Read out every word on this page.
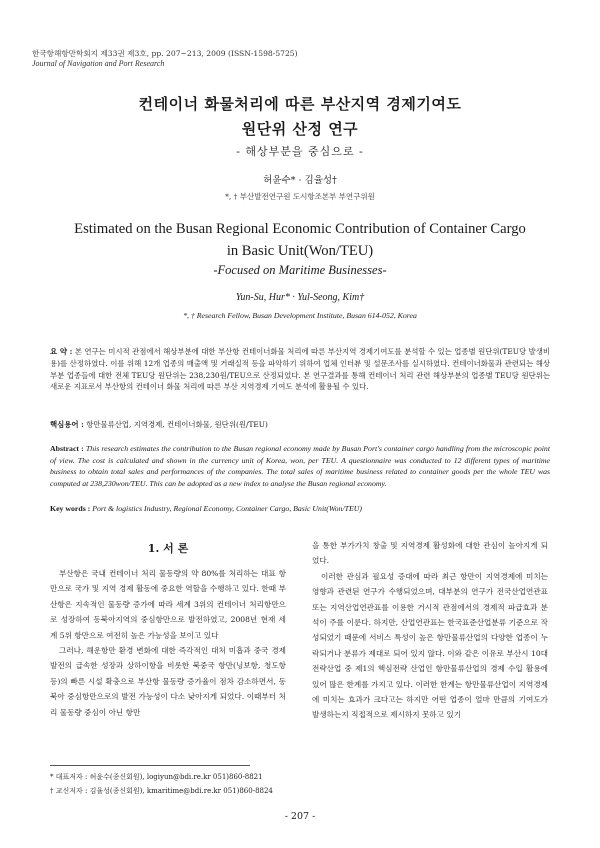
한국항해항만학회지 제33권 제3호, pp. 207~213, 2009 (ISSN-1598-5725)
Journal of Navigation and Port Research
컨테이너 화물처리에 따른 부산지역 경제기여도
원단위 산정 연구
- 해상부분을 중심으로 -
허윤수* · 김율성†
*, † 부산발전연구원 도시항조본부 부연구위원
Estimated on the Busan Regional Economic Contribution of Container Cargo
in Basic Unit(Won/TEU)
-Focused on Maritime Businesses-
Yun-Su, Hur* · Yul-Seong, Kim†
*, † Research Fellow, Busan Development Institute, Busan 614-052, Korea
요 약 : 본 연구는 미시적 관점에서 해상부분에 대한 부산항 컨테이너화물 처리에 따른 부산지역 경제기여도를 분석할 수 있는 업종별 원단위(TEU당 발생비용)를 산정하였다. 이를 위해 12개 업종의 매출액 및 거래실적 등을 파악하기 위하여 업체 인터뷰 및 설문조사를 실시하였다. 컨테이너화물과 관련되는 해상부분 업종들에 대한 전체 TEU당 원단위는 238,230원/TEU으로 산정되었다. 본 연구결과를 통해 컨테이너 처리 관련 해상부분의 업종별 TEU당 원단위는 새로운 지표로서 부산항의 컨테이너 화물 처리에 따른 부산 지역경제 기여도 분석에 활용될 수 있다.
핵심용어 : 항만물류산업, 지역경제, 컨테이너화물, 원단위(원/TEU)
Abstract : This research estimates the contribution to the Busan regional economy made by Busan Port's container cargo handling from the microscopic point of view. The cost is calculated and shown in the currency unit of Korea, won, per TEU. A questionnaire was conducted to 12 different types of maritime business to obtain total sales and performances of the companies. The total sales of maritime business related to container goods per the whole TEU was computed at 238,230won/TEU. This can be adopted as a new index to analyse the Busan regional economy.
Key words : Port & logistics Industry, Regional Economy, Container Cargo, Basic Unit(Won/TEU)
1. 서 론

부산항은 국내 컨테이너 처리 물동량의 약 80%를 처리하는 대표 항만으로 국가 및 지역 경제 활동에 중요한 역할을 수행하고 있다. 한때 부산항은 지속적인 물동량 증가에 따라 세계 3위의 컨테이너 처리항만으로 성장하여 동북아지역의 중심항만으로 발전하였고, 2008년 현재 세계 5위 항만으로 여전히 높은 가능성을 보이고 있다

그러나, 해운항만 환경 변화에 대한 즉각적인 대처 미흡과 중국 경제발전의 급속한 성장과 상하이항을 비롯한 북중국 항만(닝보항, 청도항 등)의 빠른 시설 확충으로 부산항 물동량 증가율이 점차 감소하면서, 동북아 중심항만으로의 발전 가능성이 다소 낮아지게 되었다. 이때부터 처리 물동량 중심이 아닌 항만

을 통한 부가가치 창출 및 지역경제 활성화에 대한 관심이 높아지게 되었다.

이러한 관심과 필요성 증대에 따라 최근 항만이 지역경제에 미치는 영향과 관련된 연구가 수행되었으며, 대부분의 연구가 전국산업연관표 또는 지역산업연관표를 이용한 거시적 관점에서의 경제적 파급효과 분석이 주를 이룬다. 하지만, 산업연관표는 한국표준산업분류 기준으로 작성되었기 때문에 서비스 특성이 높은 항만물류산업의 다양한 업종이 누락되거나 분류가 제대로 되어 있지 않다. 이와 같은 이유로 부산시 10대 전략산업 중 제1의 핵심전략 산업인 항만물류산업의 경제 수입 활용에 있어 많은 한계를 가지고 있다. 이러한 한계는 항만물류산업이 지역경제에 미치는 효과가 크다고는 하지만 어떤 업종이 얼마 만큼의 기여도가 발생하는지 직접적으로 제시하지 못하고 있기

* 대표저자 : 허윤수(종신회원), logiyun@bdi.re.kr 051)860-8821
† 교신저자 : 김율성(종신회원), kmaritime@bdi.re.kr 051)860-8824
- 207 -
